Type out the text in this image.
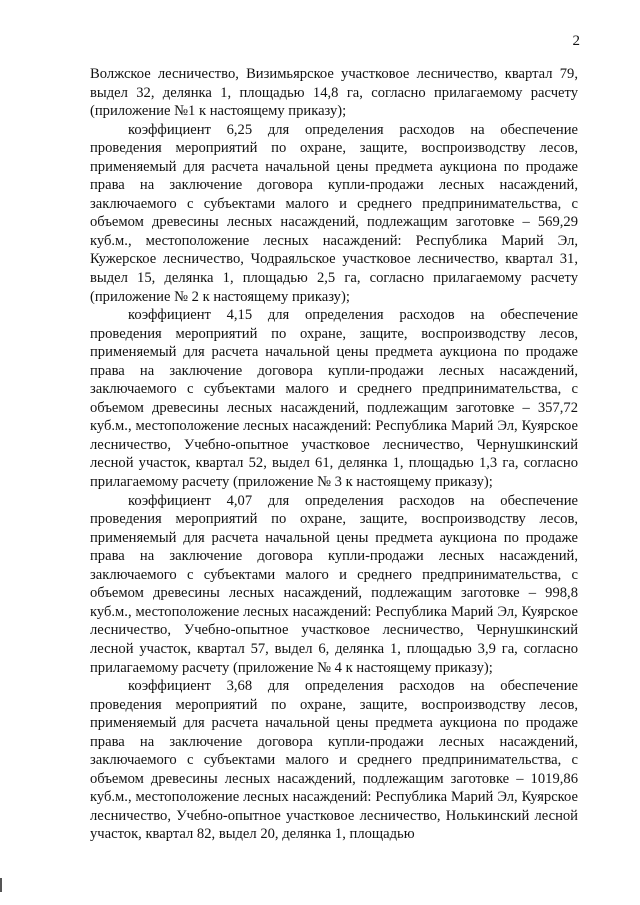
2

Волжское лесничество, Визимьярское участковое лесничество, квартал 79, выдел 32, делянка 1, площадью 14,8 га, согласно прилагаемому расчету (приложение №1 к настоящему приказу);

коэффициент 6,25 для определения расходов на обеспечение проведения мероприятий по охране, защите, воспроизводству лесов, применяемый для расчета начальной цены предмета аукциона по продаже права на заключение договора купли-продажи лесных насаждений, заключаемого с субъектами малого и среднего предпринимательства, с объемом древесины лесных насаждений, подлежащим заготовке – 569,29 куб.м., местоположение лесных насаждений: Республика Марий Эл, Кужерское лесничество, Чодраяльское участковое лесничество, квартал 31, выдел 15, делянка 1, площадью 2,5 га, согласно прилагаемому расчету (приложение № 2 к настоящему приказу);

коэффициент 4,15 для определения расходов на обеспечение проведения мероприятий по охране, защите, воспроизводству лесов, применяемый для расчета начальной цены предмета аукциона по продаже права на заключение договора купли-продажи лесных насаждений, заключаемого с субъектами малого и среднего предпринимательства, с объемом древесины лесных насаждений, подлежащим заготовке – 357,72 куб.м., местоположение лесных насаждений: Республика Марий Эл, Куярское лесничество, Учебно-опытное участковое лесничество, Чернушкинский лесной участок, квартал 52, выдел 61, делянка 1, площадью 1,3 га, согласно прилагаемому расчету (приложение № 3 к настоящему приказу);

коэффициент 4,07 для определения расходов на обеспечение проведения мероприятий по охране, защите, воспроизводству лесов, применяемый для расчета начальной цены предмета аукциона по продаже права на заключение договора купли-продажи лесных насаждений, заключаемого с субъектами малого и среднего предпринимательства, с объемом древесины лесных насаждений, подлежащим заготовке – 998,8 куб.м., местоположение лесных насаждений: Республика Марий Эл, Куярское лесничество, Учебно-опытное участковое лесничество, Чернушкинский лесной участок, квартал 57, выдел 6, делянка 1, площадью 3,9 га, согласно прилагаемому расчету (приложение № 4 к настоящему приказу);

коэффициент 3,68 для определения расходов на обеспечение проведения мероприятий по охране, защите, воспроизводству лесов, применяемый для расчета начальной цены предмета аукциона по продаже права на заключение договора купли-продажи лесных насаждений, заключаемого с субъектами малого и среднего предпринимательства, с объемом древесины лесных насаждений, подлежащим заготовке – 1019,86 куб.м., местоположение лесных насаждений: Республика Марий Эл, Куярское лесничество, Учебно-опытное участковое лесничество, Нолькинский лесной участок, квартал 82, выдел 20, делянка 1, площадью
